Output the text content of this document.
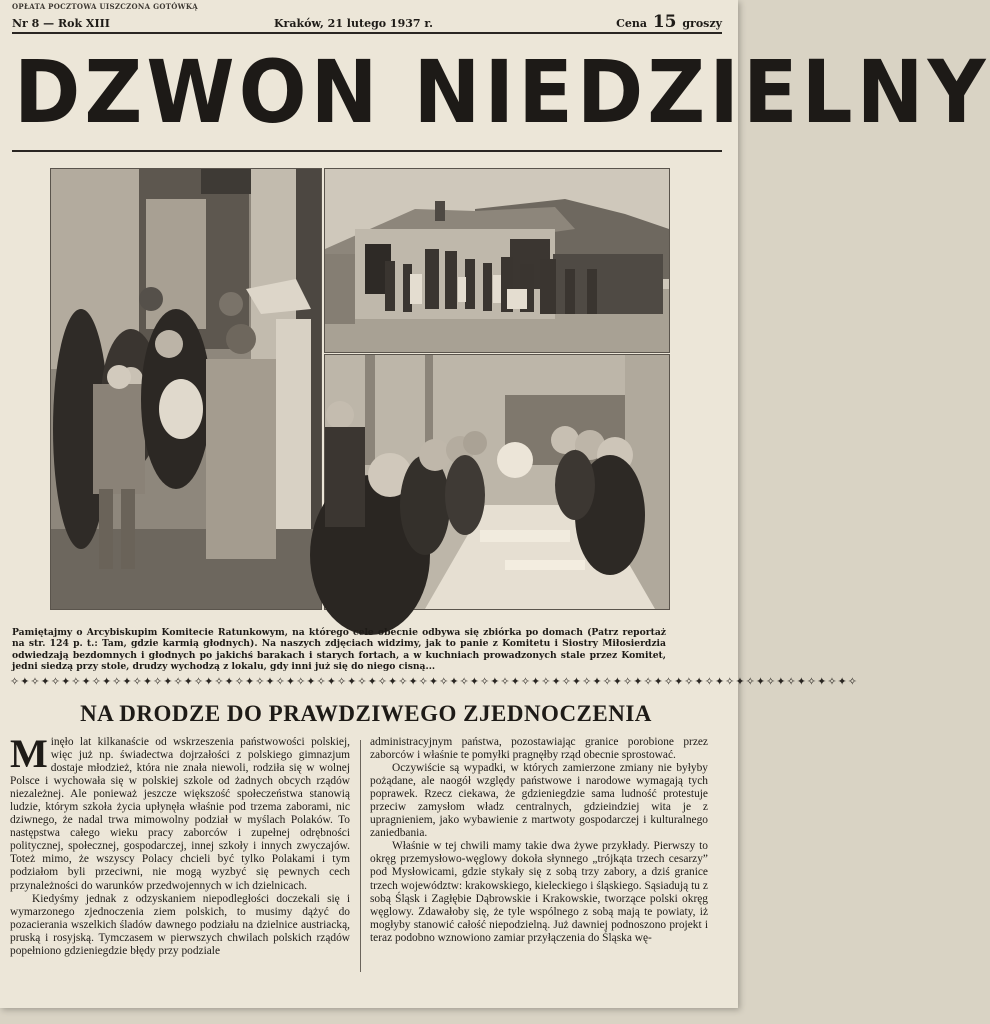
OPŁATA POCZTOWA UISZCZONA GOTÓWKĄ
Nr 8 — Rok XIII	Kraków, 21 lutego 1937 r.	Cena 15 groszy
DZWON NIEDZIELNY
Pamiętajmy o Arcybiskupim Komitecie Ratunkowym, na którego cele obecnie odbywa się zbiórka po domach (Patrz reportaż na str. 124 p. t.: Tam, gdzie karmią głodnych). Na naszych zdjęciach widzimy, jak to panie z Komitetu i Siostry Miłosierdzia odwiedzają bezdomnych i głodnych po jakichś barakach i starych fortach, a w kuchniach prowadzonych stale przez Komitet, jedni siedzą przy stole, drudzy wychodzą z lokalu, gdy inni już się do niego cisną...
✧✦✧✦✧✦✧✦✧✦✧✦✧✦✧✦✧✦✧✦✧✦✧✦✧✦✧✦✧✦✧✦✧✦✧✦✧✦✧✦✧✦✧✦✧✦✧✦✧✦✧✦✧✦✧✦✧✦✧✦✧✦✧✦✧✦✧✦✧✦✧✦✧✦✧✦✧✦✧✦✧✦✧
NA DRODZE DO PRAWDZIWEGO ZJEDNOCZENIA

Minęło lat kilkanaście od wskrzeszenia państwowości polskiej, więc już np. świadectwa dojrzałości z polskiego gimnazjum dostaje młodzież, która nie znała niewoli, rodziła się w wolnej Polsce i wychowała się w polskiej szkole od żadnych obcych rządów niezależnej. Ale ponieważ jeszcze większość społeczeństwa stanowią ludzie, którym szkoła życia upłynęła właśnie pod trzema zaborami, nic dziwnego, że nadal trwa mimowolny podział w myślach Polaków. To następstwa całego wieku pracy zaborców i zupełnej odrębności politycznej, społecznej, gospodarczej, innej szkoły i innych zwyczajów. Toteż mimo, że wszyscy Polacy chcieli być tylko Polakami i tym podziałom byli przeciwni, nie mogą wyzbyć się pewnych cech przynależności do warunków przedwojennych w ich dzielnicach.

Kiedyśmy jednak z odzyskaniem niepodległości doczekali się i wymarzonego zjednoczenia ziem polskich, to musimy dążyć do pozacierania wszelkich śladów dawnego podziału na dzielnice austriacką, pruską i rosyjską. Tymczasem w pierwszych chwilach polskich rządów popełniono gdzieniegdzie błędy przy podziale

administracyjnym państwa, pozostawiając granice porobione przez zaborców i właśnie te pomyłki pragnęłby rząd obecnie sprostować.

Oczywiście są wypadki, w których zamierzone zmiany nie byłyby pożądane, ale naogół względy państwowe i narodowe wymagają tych poprawek. Rzecz ciekawa, że gdzieniegdzie sama ludność protestuje przeciw zamysłom władz centralnych, gdzieindziej wita je z upragnieniem, jako wybawienie z martwoty gospodarczej i kulturalnego zaniedbania.

Właśnie w tej chwili mamy takie dwa żywe przykłady. Pierwszy to okręg przemysłowo-węglowy dokoła słynnego „trójkąta trzech cesarzy” pod Mysłowicami, gdzie stykały się z sobą trzy zabory, a dziś granice trzech województw: krakowskiego, kieleckiego i śląskiego. Sąsiadują tu z sobą Śląsk i Zagłębie Dąbrowskie i Krakowskie, tworzące polski okręg węglowy. Zdawałoby się, że tyle wspólnego z sobą mają te powiaty, iż mogłyby stanowić całość niepodzielną. Już dawniej podnoszono projekt i teraz podobno wznowiono zamiar przyłączenia do Śląska wę-
